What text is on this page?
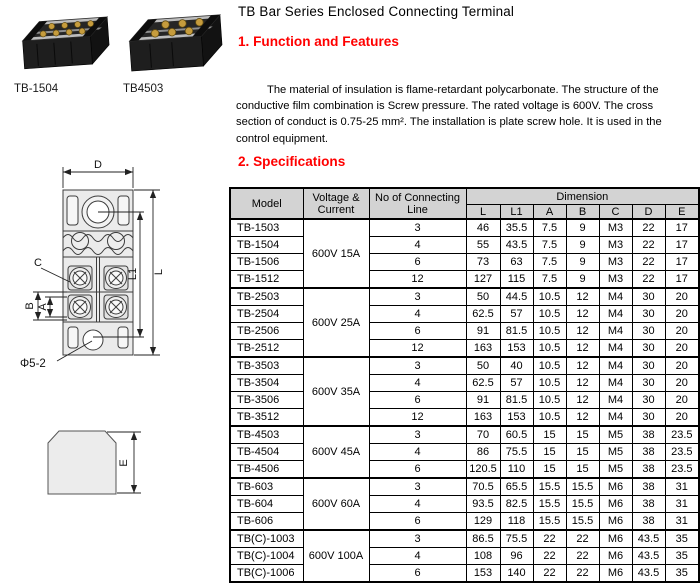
TB-1504	TB4503
TB Bar Series Enclosed Connecting Terminal
1. Function and Features
The material of insulation is flame-retardant polycarbonate. The structure of the
conductive film combination is Screw pressure. The rated voltage is 600V. The cross
section of conduct is 0.75-25 mm². The installation is plate screw hole. It is used in the
control equipment.
2. Specifications
D
L
L1
C
B A
Φ5-2
E
Model	Voltage & Current	No of Connecting Line	Dimension						
			L	L1	A	B	C	D	E
TB-1503	600V 15A	3	46	35.5	7.5	9	M3	22	17
TB-1504		4	55	43.5	7.5	9	M3	22	17
TB-1506		6	73	63	7.5	9	M3	22	17
TB-1512		12	127	115	7.5	9	M3	22	17
TB-2503	600V 25A	3	50	44.5	10.5	12	M4	30	20
TB-2504		4	62.5	57	10.5	12	M4	30	20
TB-2506		6	91	81.5	10.5	12	M4	30	20
TB-2512		12	163	153	10.5	12	M4	30	20
TB-3503	600V 35A	3	50	40	10.5	12	M4	30	20
TB-3504		4	62.5	57	10.5	12	M4	30	20
TB-3506		6	91	81.5	10.5	12	M4	30	20
TB-3512		12	163	153	10.5	12	M4	30	20
TB-4503	600V 45A	3	70	60.5	15	15	M5	38	23.5
TB-4504		4	86	75.5	15	15	M5	38	23.5
TB-4506		6	120.5	110	15	15	M5	38	23.5
TB-603	600V 60A	3	70.5	65.5	15.5	15.5	M6	38	31
TB-604		4	93.5	82.5	15.5	15.5	M6	38	31
TB-606		6	129	118	15.5	15.5	M6	38	31
TB(C)-1003	600V 100A	3	86.5	75.5	22	22	M6	43.5	35
TB(C)-1004		4	108	96	22	22	M6	43.5	35
TB(C)-1006		6	153	140	22	22	M6	43.5	35
